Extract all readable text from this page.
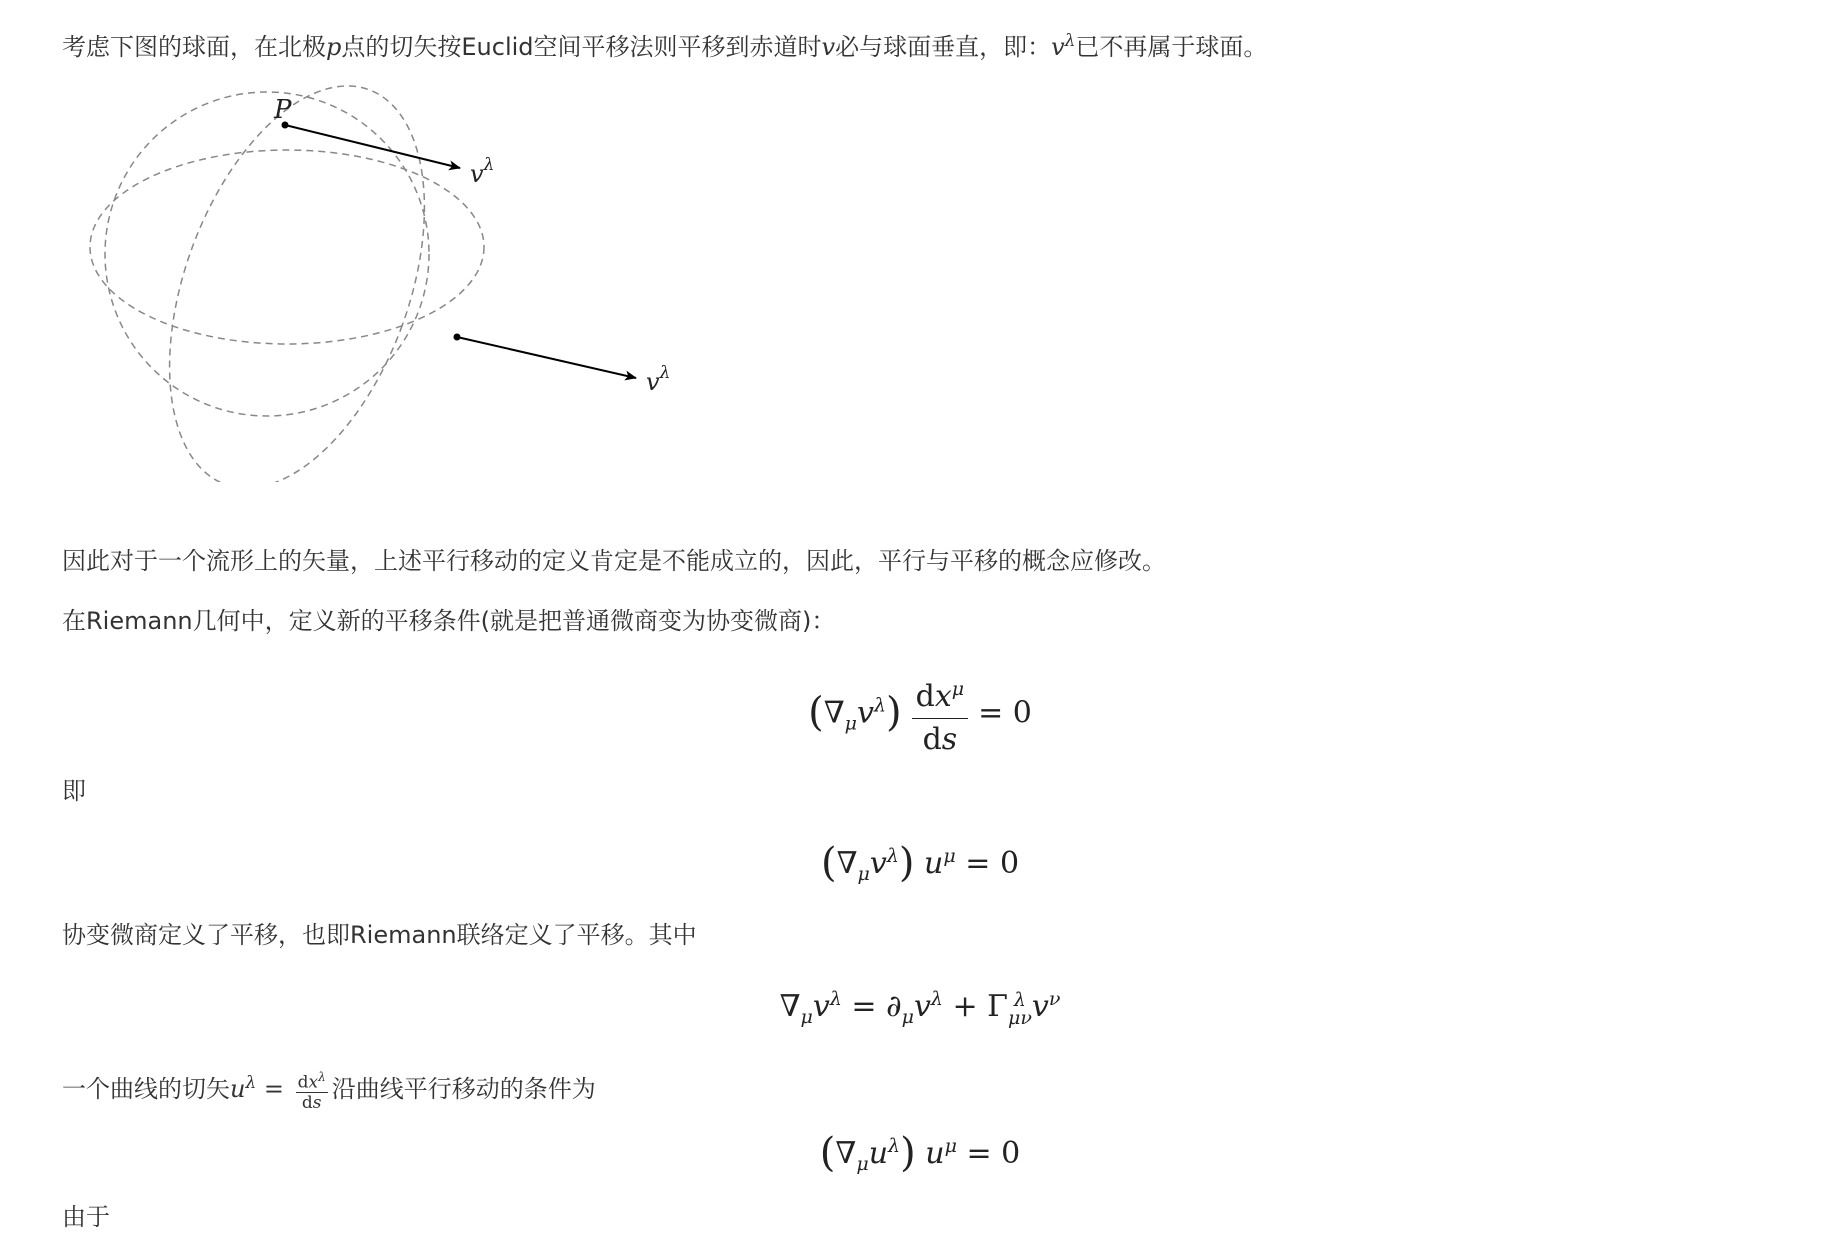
考虑下图的球面，在北极p点的切矢按Euclid空间平移法则平移到赤道时v必与球面垂直，即：$v^\lambda$已不再属于球面。
P
$v^\lambda$
$v^\lambda$
因此对于一个流形上的矢量，上述平行移动的定义肯定是不能成立的，因此，平行与平移的概念应修改。
在Riemann几何中，定义新的平移条件(就是把普通微商变为协变微商)：
$(\nabla_\mu v^\lambda) \frac{dx^\mu}{ds} = 0$
即
$(\nabla_\mu v^\lambda) u^\mu = 0$
协变微商定义了平移，也即Riemann联络定义了平移。其中
$\nabla_\mu v^\lambda = \partial_\mu v^\lambda + \Gamma$ λ
μν $v^\nu$
一个曲线的切矢$u^\lambda = \frac{dx^\lambda}{ds}$ 沿曲线平行移动的条件为
$(\nabla_\mu u^\lambda) u^\mu = 0$
由于
